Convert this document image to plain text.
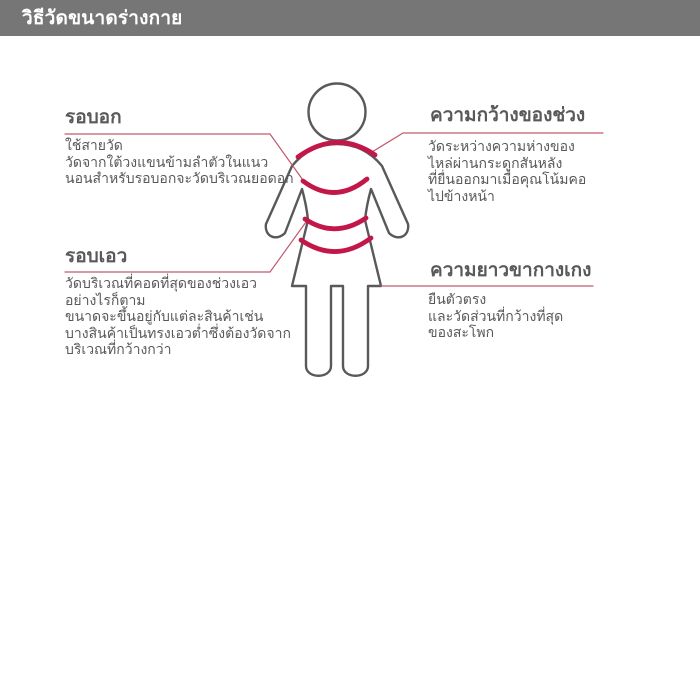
วิธีวัดขนาดร่างกาย
รอบอก
ใช้สายวัด
วัดจากใต้วงแขนข้ามลำตัวในแนว
นอนสำหรับรอบอกจะวัดบริเวณยอดอก
ความกว้างของช่วง
วัดระหว่างความห่างของ
ไหล่ผ่านกระดูกสันหลัง
ที่ยื่นออกมาเมื่อคุณโน้มคอ
ไปข้างหน้า
รอบเอว
วัดบริเวณที่คอดที่สุดของช่วงเอว
อย่างไรก็ตาม
ขนาดจะขึ้นอยู่กับแต่ละสินค้าเช่น
บางสินค้าเป็นทรงเอวต่ำซึ่งต้องวัดจาก
บริเวณที่กว้างกว่า
ความยาวขากางเกง
ยืนตัวตรง
และวัดส่วนที่กว้างที่สุด
ของสะโพก
